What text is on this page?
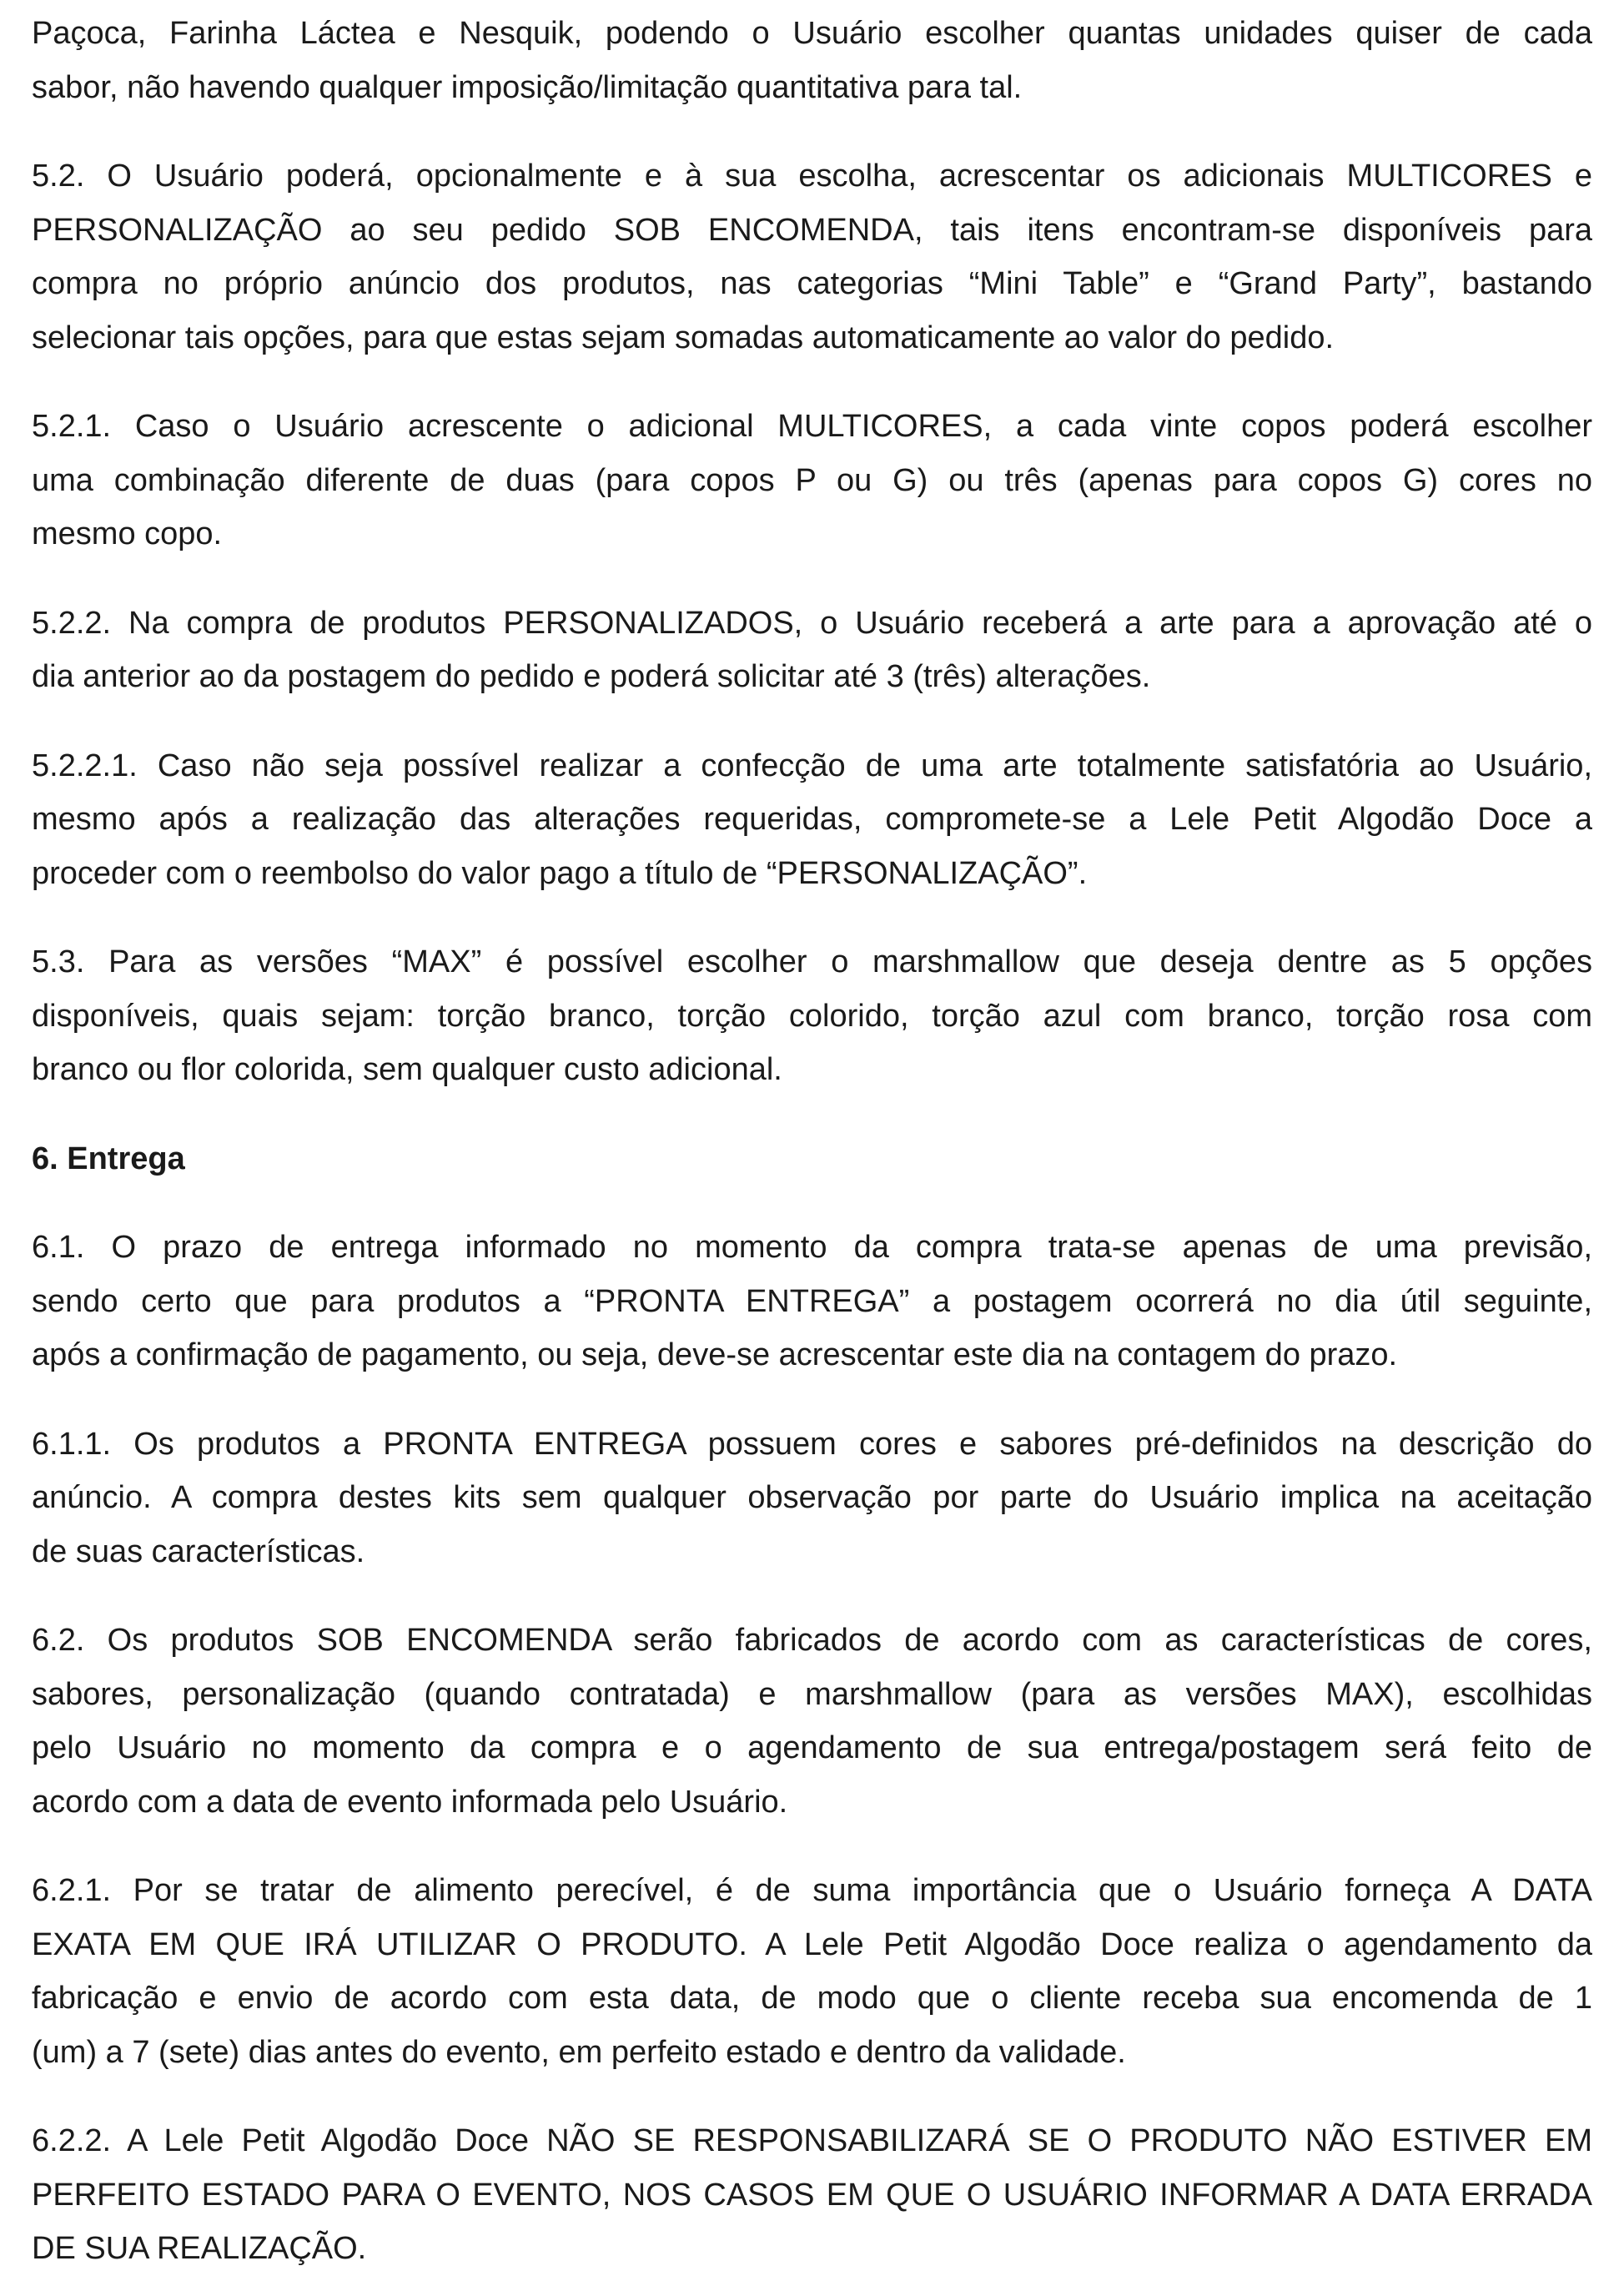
Paçoca, Farinha Láctea e Nesquik, podendo o Usuário escolher quantas unidades quiser de cada
sabor, não havendo qualquer imposição/limitação quantitativa para tal.
5.2. O Usuário poderá, opcionalmente e à sua escolha, acrescentar os adicionais MULTICORES e
PERSONALIZAÇÃO ao seu pedido SOB ENCOMENDA, tais itens encontram-se disponíveis para
compra no próprio anúncio dos produtos, nas categorias “Mini Table” e “Grand Party”, bastando
selecionar tais opções, para que estas sejam somadas automaticamente ao valor do pedido.
5.2.1. Caso o Usuário acrescente o adicional MULTICORES, a cada vinte copos poderá escolher
uma combinação diferente de duas (para copos P ou G) ou três (apenas para copos G) cores no
mesmo copo.
5.2.2. Na compra de produtos PERSONALIZADOS, o Usuário receberá a arte para a aprovação até o
dia anterior ao da postagem do pedido e poderá solicitar até 3 (três) alterações.
5.2.2.1. Caso não seja possível realizar a confecção de uma arte totalmente satisfatória ao Usuário,
mesmo após a realização das alterações requeridas, compromete-se a Lele Petit Algodão Doce a
proceder com o reembolso do valor pago a título de “PERSONALIZAÇÃO”.
5.3. Para as versões “MAX” é possível escolher o marshmallow que deseja dentre as 5 opções
disponíveis, quais sejam: torção branco, torção colorido, torção azul com branco, torção rosa com
branco ou flor colorida, sem qualquer custo adicional.
6. Entrega
6.1. O prazo de entrega informado no momento da compra trata-se apenas de uma previsão,
sendo certo que para produtos a “PRONTA ENTREGA” a postagem ocorrerá no dia útil seguinte,
após a confirmação de pagamento, ou seja, deve-se acrescentar este dia na contagem do prazo.
6.1.1. Os produtos a PRONTA ENTREGA possuem cores e sabores pré-definidos na descrição do
anúncio. A compra destes kits sem qualquer observação por parte do Usuário implica na aceitação
de suas características.
6.2. Os produtos SOB ENCOMENDA serão fabricados de acordo com as características de cores,
sabores, personalização (quando contratada) e marshmallow (para as versões MAX), escolhidas
pelo Usuário no momento da compra e o agendamento de sua entrega/postagem será feito de
acordo com a data de evento informada pelo Usuário.
6.2.1. Por se tratar de alimento perecível, é de suma importância que o Usuário forneça A DATA
EXATA EM QUE IRÁ UTILIZAR O PRODUTO. A Lele Petit Algodão Doce realiza o agendamento da
fabricação e envio de acordo com esta data, de modo que o cliente receba sua encomenda de 1
(um) a 7 (sete) dias antes do evento, em perfeito estado e dentro da validade.
6.2.2. A Lele Petit Algodão Doce NÃO SE RESPONSABILIZARÁ SE O PRODUTO NÃO ESTIVER EM
PERFEITO ESTADO PARA O EVENTO, NOS CASOS EM QUE O USUÁRIO INFORMAR A DATA ERRADA
DE SUA REALIZAÇÃO.
